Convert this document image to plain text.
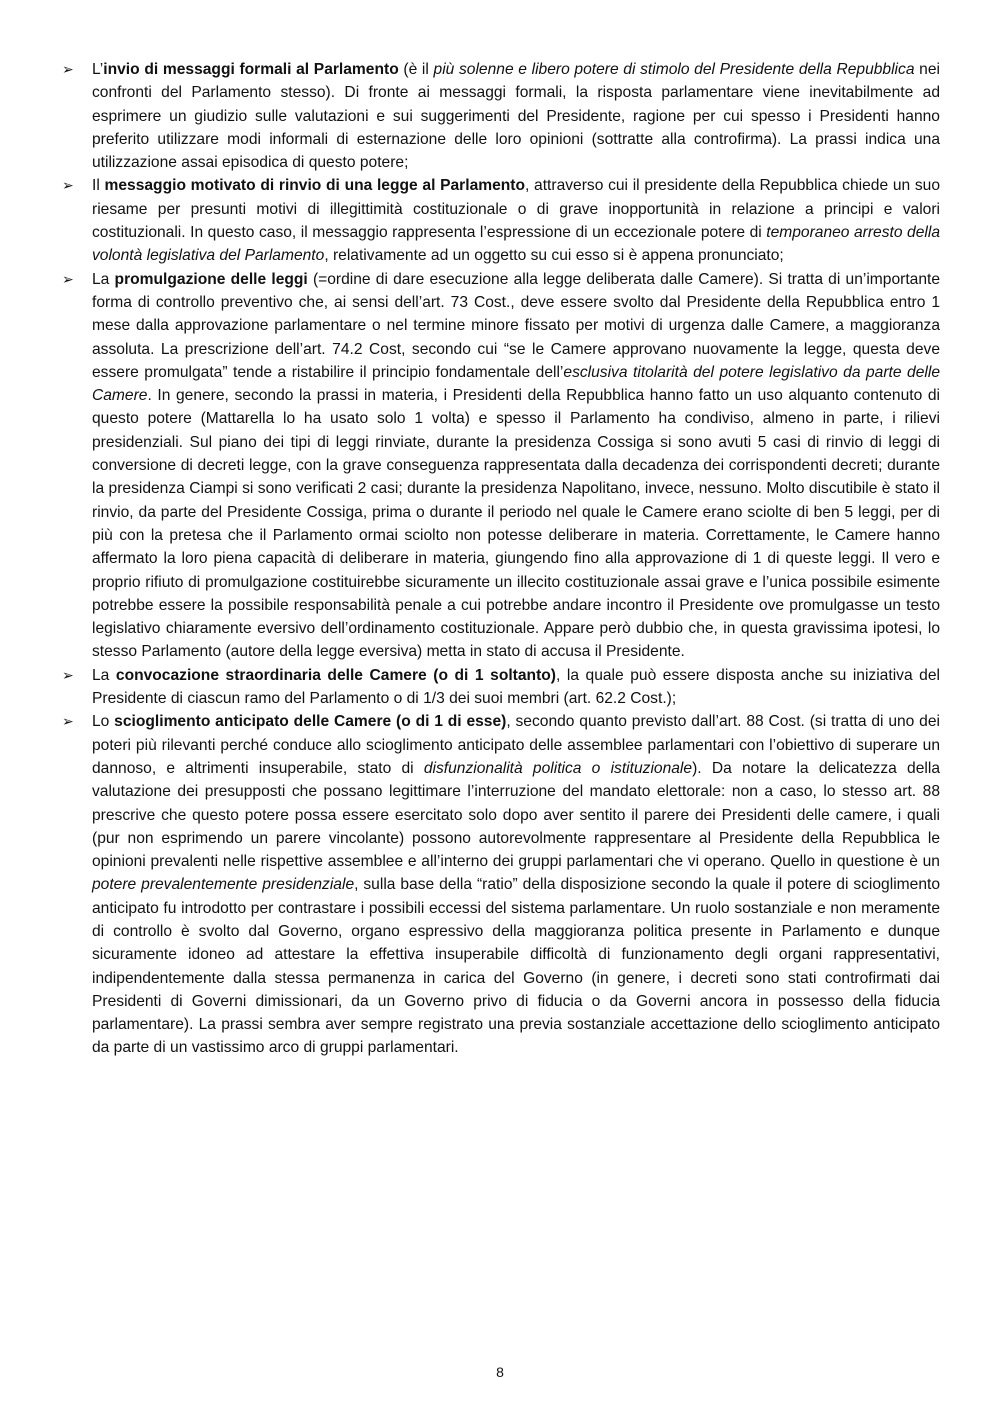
➢ L’invio di messaggi formali al Parlamento (è il più solenne e libero potere di stimolo del Presidente della Repubblica nei confronti del Parlamento stesso). Di fronte ai messaggi formali, la risposta parlamentare viene inevitabilmente ad esprimere un giudizio sulle valutazioni e sui suggerimenti del Presidente, ragione per cui spesso i Presidenti hanno preferito utilizzare modi informali di esternazione delle loro opinioni (sottratte alla controfirma). La prassi indica una utilizzazione assai episodica di questo potere;
➢ Il messaggio motivato di rinvio di una legge al Parlamento, attraverso cui il presidente della Repubblica chiede un suo riesame per presunti motivi di illegittimità costituzionale o di grave inopportunità in relazione a principi e valori costituzionali. In questo caso, il messaggio rappresenta l’espressione di un eccezionale potere di temporaneo arresto della volontà legislativa del Parlamento, relativamente ad un oggetto su cui esso si è appena pronunciato;
➢ La promulgazione delle leggi (=ordine di dare esecuzione alla legge deliberata dalle Camere). Si tratta di un’importante forma di controllo preventivo che, ai sensi dell’art. 73 Cost., deve essere svolto dal Presidente della Repubblica entro 1 mese dalla approvazione parlamentare o nel termine minore fissato per motivi di urgenza dalle Camere, a maggioranza assoluta. La prescrizione dell’art. 74.2 Cost, secondo cui “se le Camere approvano nuovamente la legge, questa deve essere promulgata” tende a ristabilire il principio fondamentale dell’esclusiva titolarità del potere legislativo da parte delle Camere. In genere, secondo la prassi in materia, i Presidenti della Repubblica hanno fatto un uso alquanto contenuto di questo potere (Mattarella lo ha usato solo 1 volta) e spesso il Parlamento ha condiviso, almeno in parte, i rilievi presidenziali. Sul piano dei tipi di leggi rinviate, durante la presidenza Cossiga si sono avuti 5 casi di rinvio di leggi di conversione di decreti legge, con la grave conseguenza rappresentata dalla decadenza dei corrispondenti decreti; durante la presidenza Ciampi si sono verificati 2 casi; durante la presidenza Napolitano, invece, nessuno. Molto discutibile è stato il rinvio, da parte del Presidente Cossiga, prima o durante il periodo nel quale le Camere erano sciolte di ben 5 leggi, per di più con la pretesa che il Parlamento ormai sciolto non potesse deliberare in materia. Correttamente, le Camere hanno affermato la loro piena capacità di deliberare in materia, giungendo fino alla approvazione di 1 di queste leggi. Il vero e proprio rifiuto di promulgazione costituirebbe sicuramente un illecito costituzionale assai grave e l’unica possibile esimente potrebbe essere la possibile responsabilità penale a cui potrebbe andare incontro il Presidente ove promulgasse un testo legislativo chiaramente eversivo dell’ordinamento costituzionale. Appare però dubbio che, in questa gravissima ipotesi, lo stesso Parlamento (autore della legge eversiva) metta in stato di accusa il Presidente.
➢ La convocazione straordinaria delle Camere (o di 1 soltanto), la quale può essere disposta anche su iniziativa del Presidente di ciascun ramo del Parlamento o di 1/3 dei suoi membri (art. 62.2 Cost.);
➢ Lo scioglimento anticipato delle Camere (o di 1 di esse), secondo quanto previsto dall’art. 88 Cost. (si tratta di uno dei poteri più rilevanti perché conduce allo scioglimento anticipato delle assemblee parlamentari con l’obiettivo di superare un dannoso, e altrimenti insuperabile, stato di disfunzionalità politica o istituzionale). Da notare la delicatezza della valutazione dei presupposti che possano legittimare l’interruzione del mandato elettorale: non a caso, lo stesso art. 88 prescrive che questo potere possa essere esercitato solo dopo aver sentito il parere dei Presidenti delle camere, i quali (pur non esprimendo un parere vincolante) possono autorevolmente rappresentare al Presidente della Repubblica le opinioni prevalenti nelle rispettive assemblee e all’interno dei gruppi parlamentari che vi operano. Quello in questione è un potere prevalentemente presidenziale, sulla base della “ratio” della disposizione secondo la quale il potere di scioglimento anticipato fu introdotto per contrastare i possibili eccessi del sistema parlamentare. Un ruolo sostanziale e non meramente di controllo è svolto dal Governo, organo espressivo della maggioranza politica presente in Parlamento e dunque sicuramente idoneo ad attestare la effettiva insuperabile difficoltà di funzionamento degli organi rappresentativi, indipendentemente dalla stessa permanenza in carica del Governo (in genere, i decreti sono stati controfirmati dai Presidenti di Governi dimissionari, da un Governo privo di fiducia o da Governi ancora in possesso della fiducia parlamentare). La prassi sembra aver sempre registrato una previa sostanziale accettazione dello scioglimento anticipato da parte di un vastissimo arco di gruppi parlamentari.
8
